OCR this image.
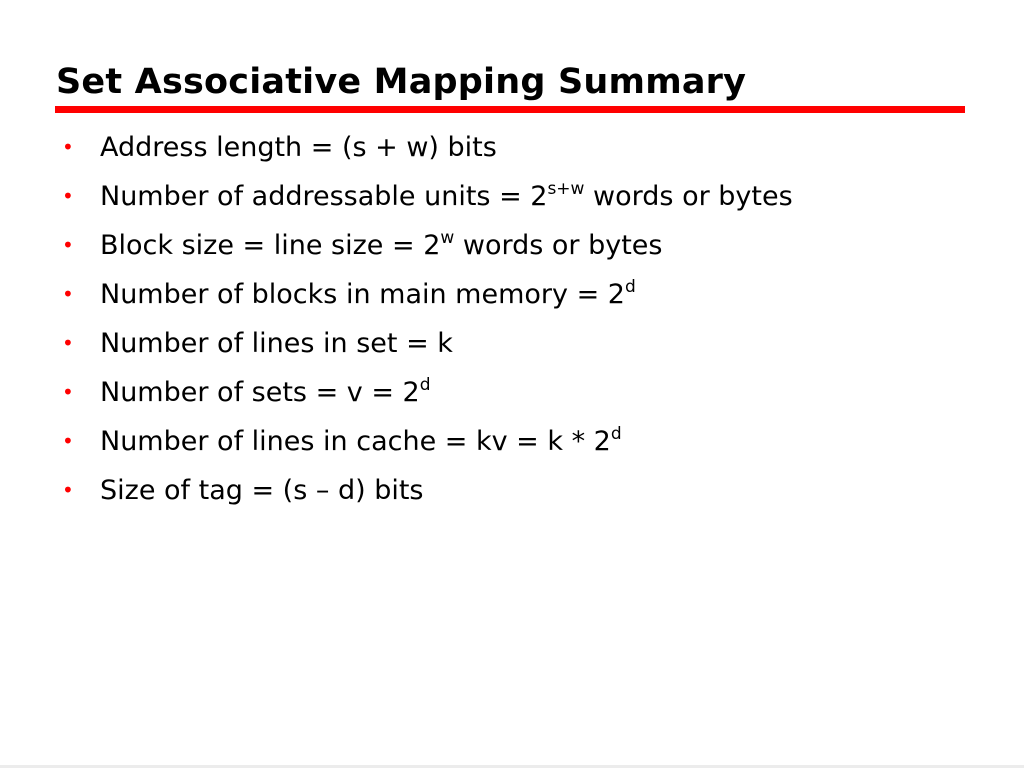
Set Associative Mapping Summary
• Address length = (s + w) bits
• Number of addressable units = $2^{s+w}$ words or bytes
• Block size = line size = $2^w$ words or bytes
• Number of blocks in main memory = $2^d$
• Number of lines in set = k
• Number of sets = $v = 2^d$
• Number of lines in cache = kv = k * 2$^d$
• Size of tag = (s – d) bits
